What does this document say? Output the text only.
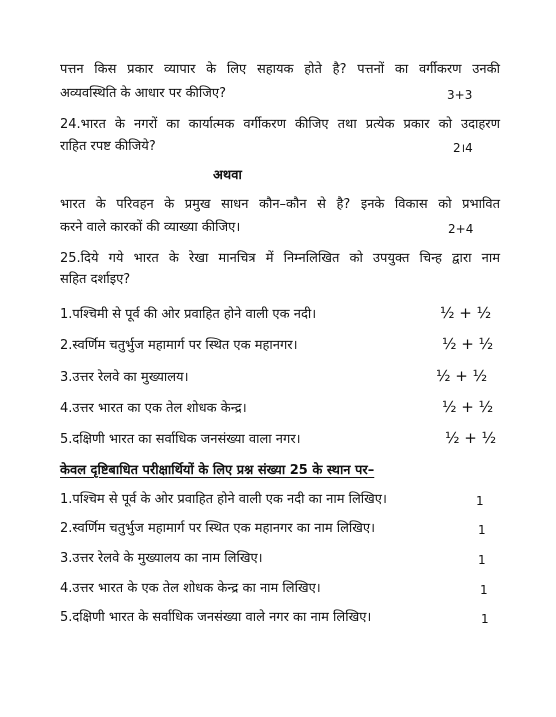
पत्तन किस प्रकार व्यापार के लिए सहायक होते है? पत्तनों का वर्गीकरण उनकी
अव्यवस्थिति के आधार पर कीजिए?	3+3
24.भारत के नगरों का कार्यात्मक वर्गीकरण कीजिए तथा प्रत्येक प्रकार को उदाहरण
राहित रपष्ट कीजिये?	2।4
अथवा
भारत के परिवहन के प्रमुख साधन कौन–कौन से है? इनके विकास को प्रभावित
करने वाले कारकों की व्याख्या कीजिए।	2+4
25.दिये गये भारत के रेखा मानचित्र में निम्नलिखित को उपयुक्त चिन्ह द्वारा नाम
सहित दर्शाइए?
1.पश्चिमी से पूर्व की ओर प्रवाहित होने वाली एक नदी।	½ + ½
2.स्वर्णिम चतुर्भुज महामार्ग पर स्थित एक महानगर।	½ + ½
3.उत्तर रेलवे का मुख्यालय।	½ + ½
4.उत्तर भारत का एक तेल शोधक केन्द्र।	½ + ½
5.दक्षिणी भारत का सर्वाधिक जनसंख्या वाला नगर।	½ + ½
केवल दृष्टिबाधित परीक्षार्थियों के लिए प्रश्न संख्या 25 के स्थान पर–
1.पश्चिम से पूर्व के ओर प्रवाहित होने वाली एक नदी का नाम लिखिए।	1
2.स्वर्णिम चतुर्भुज महामार्ग पर स्थित एक महानगर का नाम लिखिए।	1
3.उत्तर रेलवे के मुख्यालय का नाम लिखिए।	1
4.उत्तर भारत के एक तेल शोधक केन्द्र का नाम लिखिए।	1
5.दक्षिणी भारत के सर्वाधिक जनसंख्या वाले नगर का नाम लिखिए।	1
